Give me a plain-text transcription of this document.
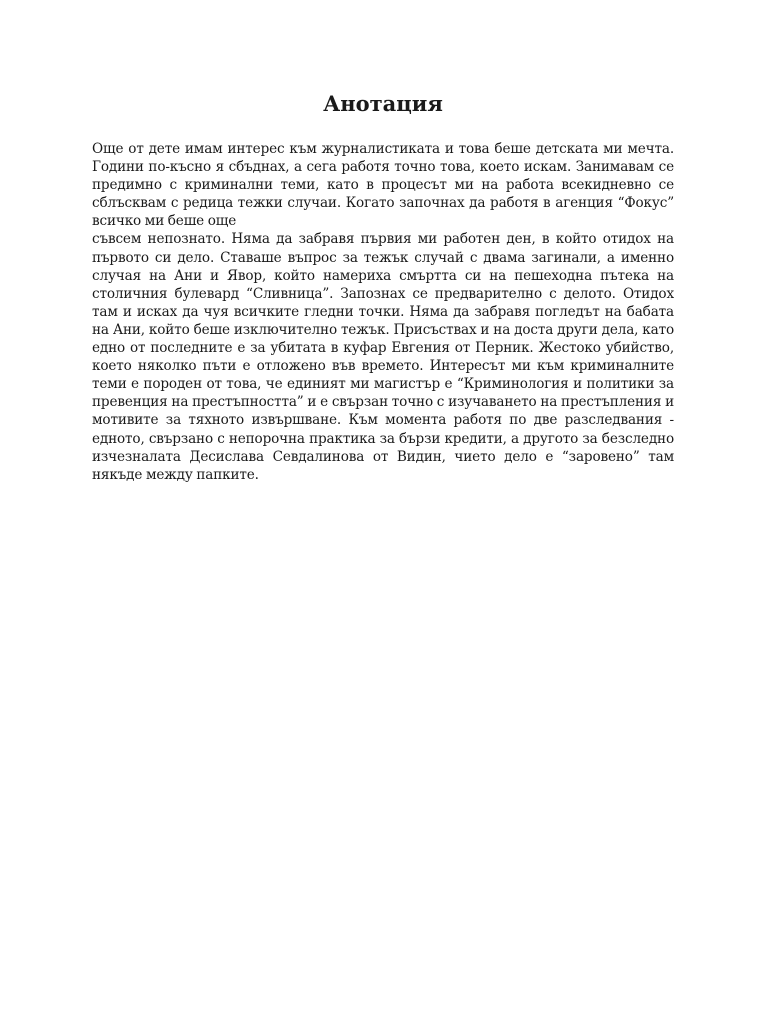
Анотация

Още от дете имам интерес към журналистиката и това беше детската ми мечта. Години по-късно я сбъднах, а сега работя точно това, което искам. Занимавам се предимно с криминални теми, като в процесът ми на работа всекидневно се сблъсквам с редица тежки случаи. Когато започнах да работя в агенция “Фокус” всичко ми беше още

съвсем непознато. Няма да забравя първия ми работен ден, в който отидох на първото си дело. Ставаше въпрос за тежък случай с двама загинали, а именно случая на Ани и Явор, който намериха смъртта си на пешеходна пътека на столичния булевард “Сливница”. Запознах се предварително с делото. Отидох там и исках да чуя всичките гледни точки. Няма да забравя погледът на бабата на Ани, който беше изключително тежък. Присъствах и на доста други дела, като едно от последните е за убитата в куфар Евгения от Перник. Жестоко убийство, което няколко пъти е отложено във времето. Интересът ми към криминалните теми е породен от това, че единият ми магистър е “Криминология и политики за превенция на престъпността” и е свързан точно с изучаването на престъпления и мотивите за тяхното извършване. Към момента работя по две разследвания - едното, свързано с непорочна практика за бързи кредити, а другото за безследно изчезналата Десислава Севдалинова от Видин, чието дело е “заровено” там някъде между папките.
